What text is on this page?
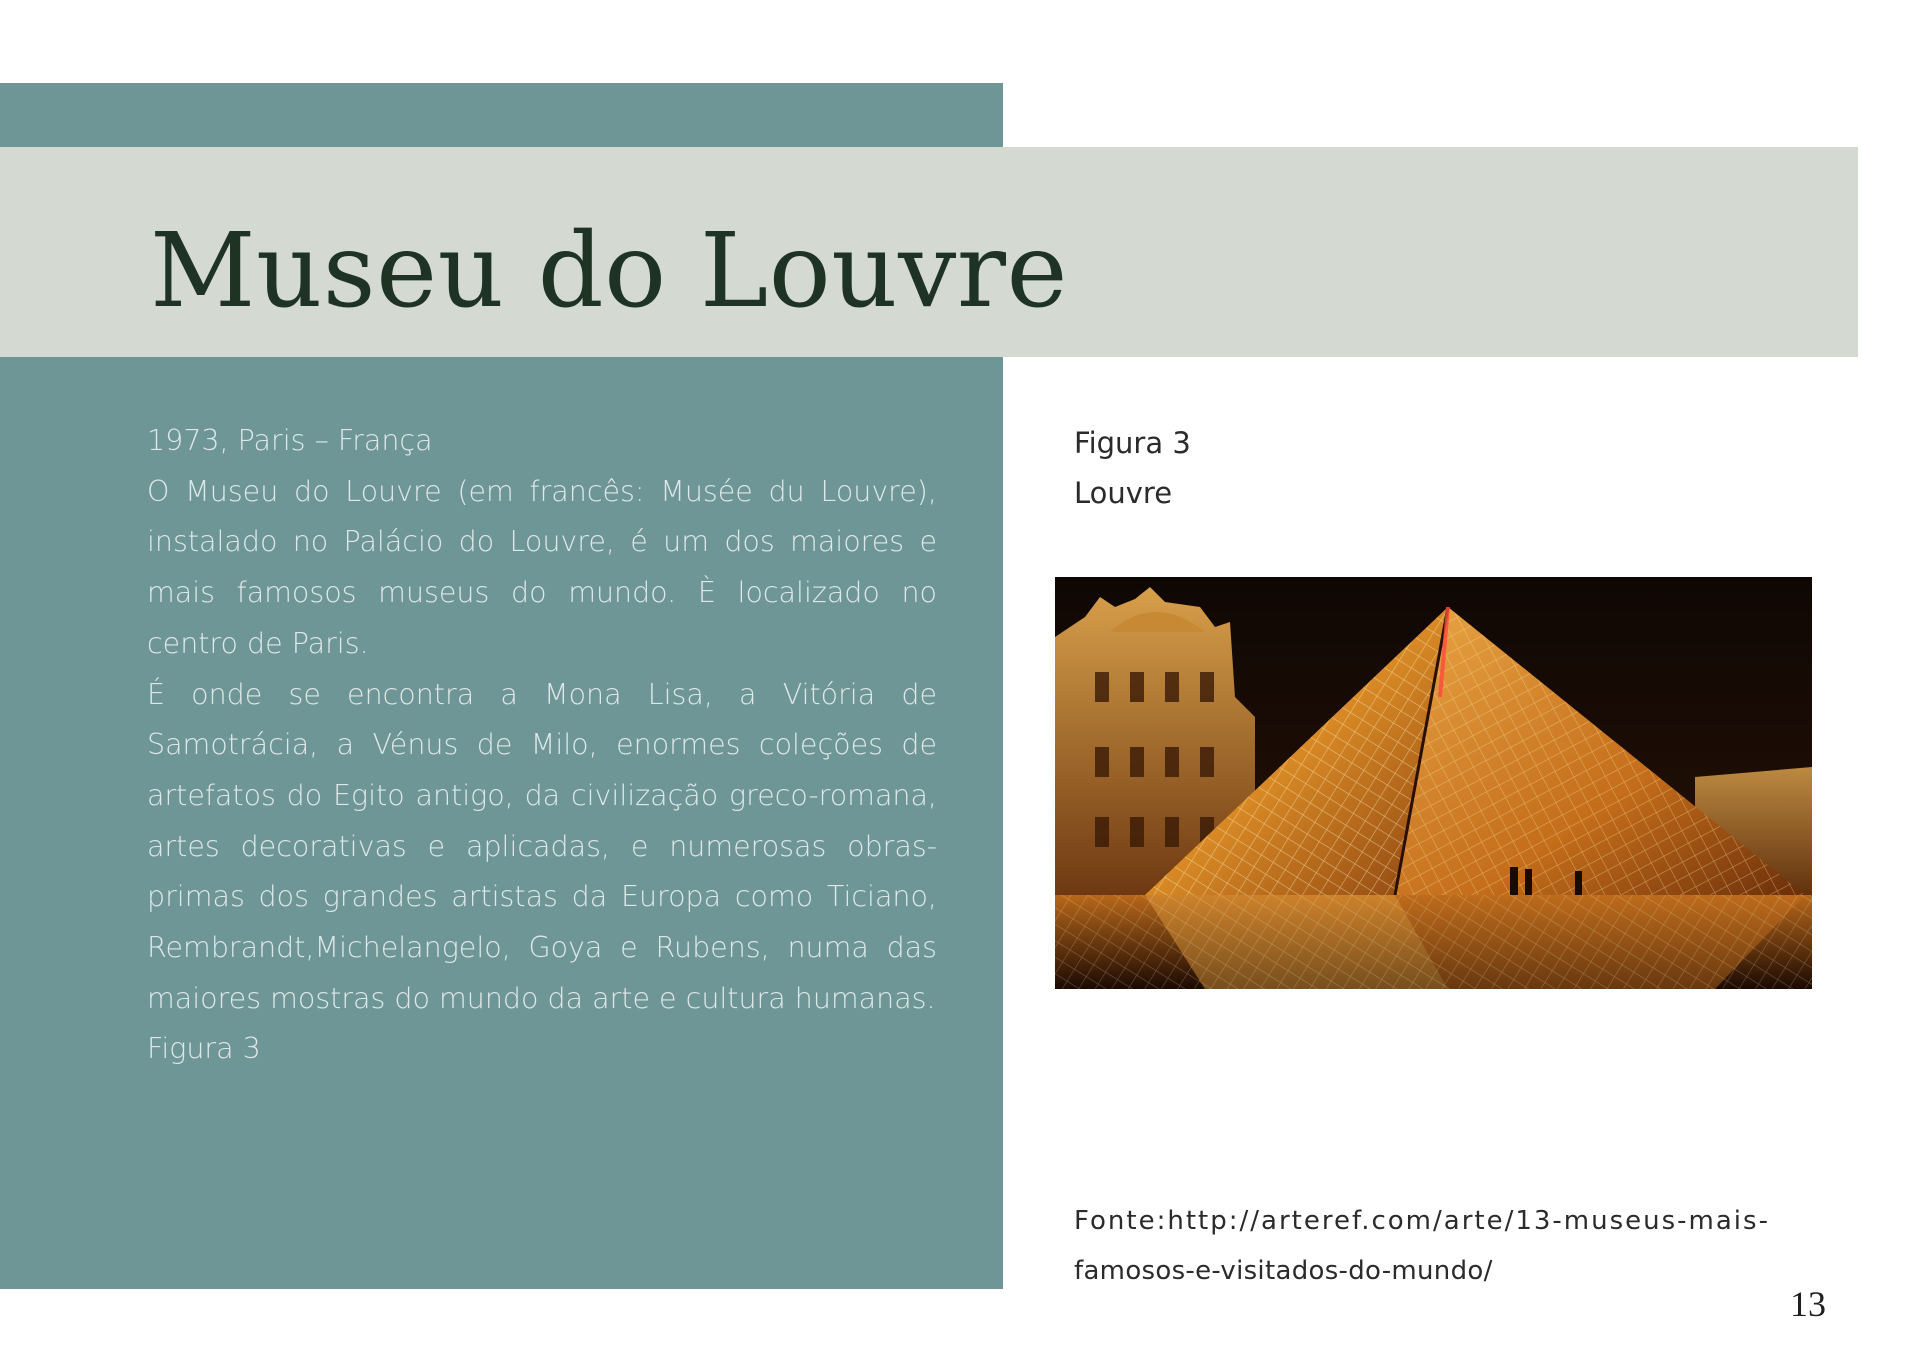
Museu do Louvre

1973, Paris – França

O Museu do Louvre (em francês: Musée du Louvre), instalado no Palácio do Louvre, é um dos maiores e mais famosos museus do mundo. È localizado no centro de Paris.

É onde se encontra a Mona Lisa, a Vitória de Samotrácia, a Vénus de Milo, enormes coleções de artefatos do Egito antigo, da civilização greco-romana, artes decorativas e aplicadas, e numerosas obras-primas dos grandes artistas da Europa como Ticiano, Rembrandt,Michelangelo, Goya e Rubens, numa das maiores mostras do mundo da arte e cultura humanas.

Figura 3

Figura 3
Louvre
Fonte:http://arteref.com/arte/13-museus-mais-
famosos-e-visitados-do-mundo/
13
